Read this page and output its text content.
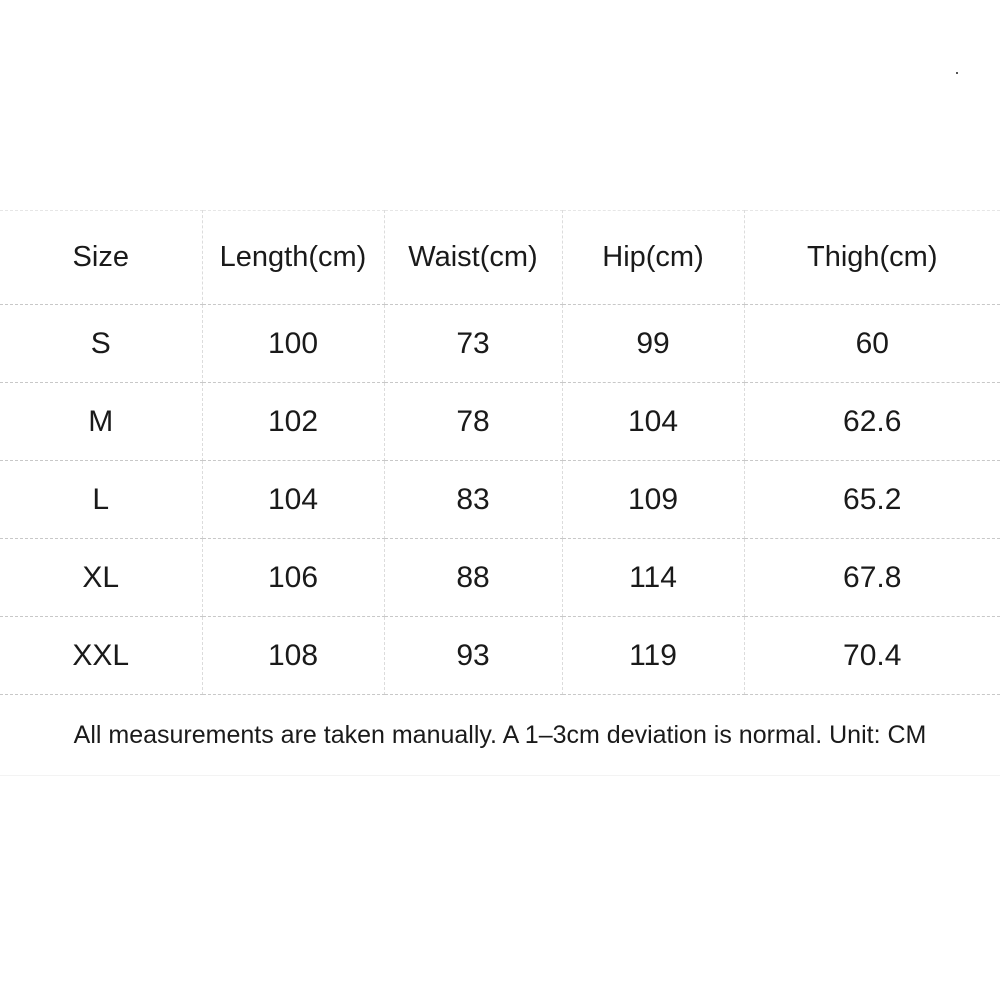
Size	Length(cm)	Waist(cm)	Hip(cm)	Thigh(cm)
S	100	73	99	60
M	102	78	104	62.6
L	104	83	109	65.2
XL	106	88	114	67.8
XXL	108	93	119	70.4
All measurements are taken manually. A 1–3cm deviation is normal. Unit: CM
